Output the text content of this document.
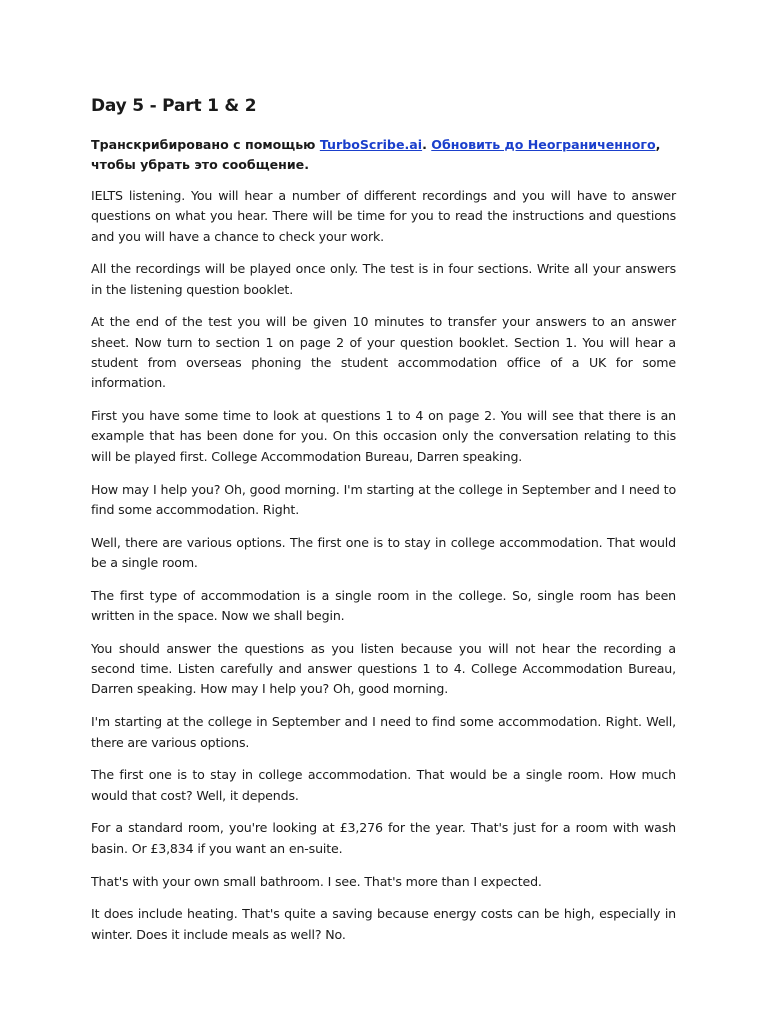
Day 5 - Part 1 & 2

Транскрибировано с помощью TurboScribe.ai. Обновить до Неограниченного, чтобы убрать это сообщение.

IELTS listening. You will hear a number of different recordings and you will have to answer questions on what you hear. There will be time for you to read the instructions and questions and you will have a chance to check your work.

All the recordings will be played once only. The test is in four sections. Write all your answers in the listening question booklet.

At the end of the test you will be given 10 minutes to transfer your answers to an answer sheet. Now turn to section 1 on page 2 of your question booklet. Section 1. You will hear a student from overseas phoning the student accommodation office of a UK for some information.

First you have some time to look at questions 1 to 4 on page 2. You will see that there is an example that has been done for you. On this occasion only the conversation relating to this will be played first. College Accommodation Bureau, Darren speaking.

How may I help you? Oh, good morning. I'm starting at the college in September and I need to find some accommodation. Right.

Well, there are various options. The first one is to stay in college accommodation. That would be a single room.

The first type of accommodation is a single room in the college. So, single room has been written in the space. Now we shall begin.

You should answer the questions as you listen because you will not hear the recording a second time. Listen carefully and answer questions 1 to 4. College Accommodation Bureau, Darren speaking. How may I help you? Oh, good morning.

I'm starting at the college in September and I need to find some accommodation. Right. Well, there are various options.

The first one is to stay in college accommodation. That would be a single room. How much would that cost? Well, it depends.

For a standard room, you're looking at £3,276 for the year. That's just for a room with wash basin. Or £3,834 if you want an en-suite.

That's with your own small bathroom. I see. That's more than I expected.

It does include heating. That's quite a saving because energy costs can be high, especially in winter. Does it include meals as well? No.
